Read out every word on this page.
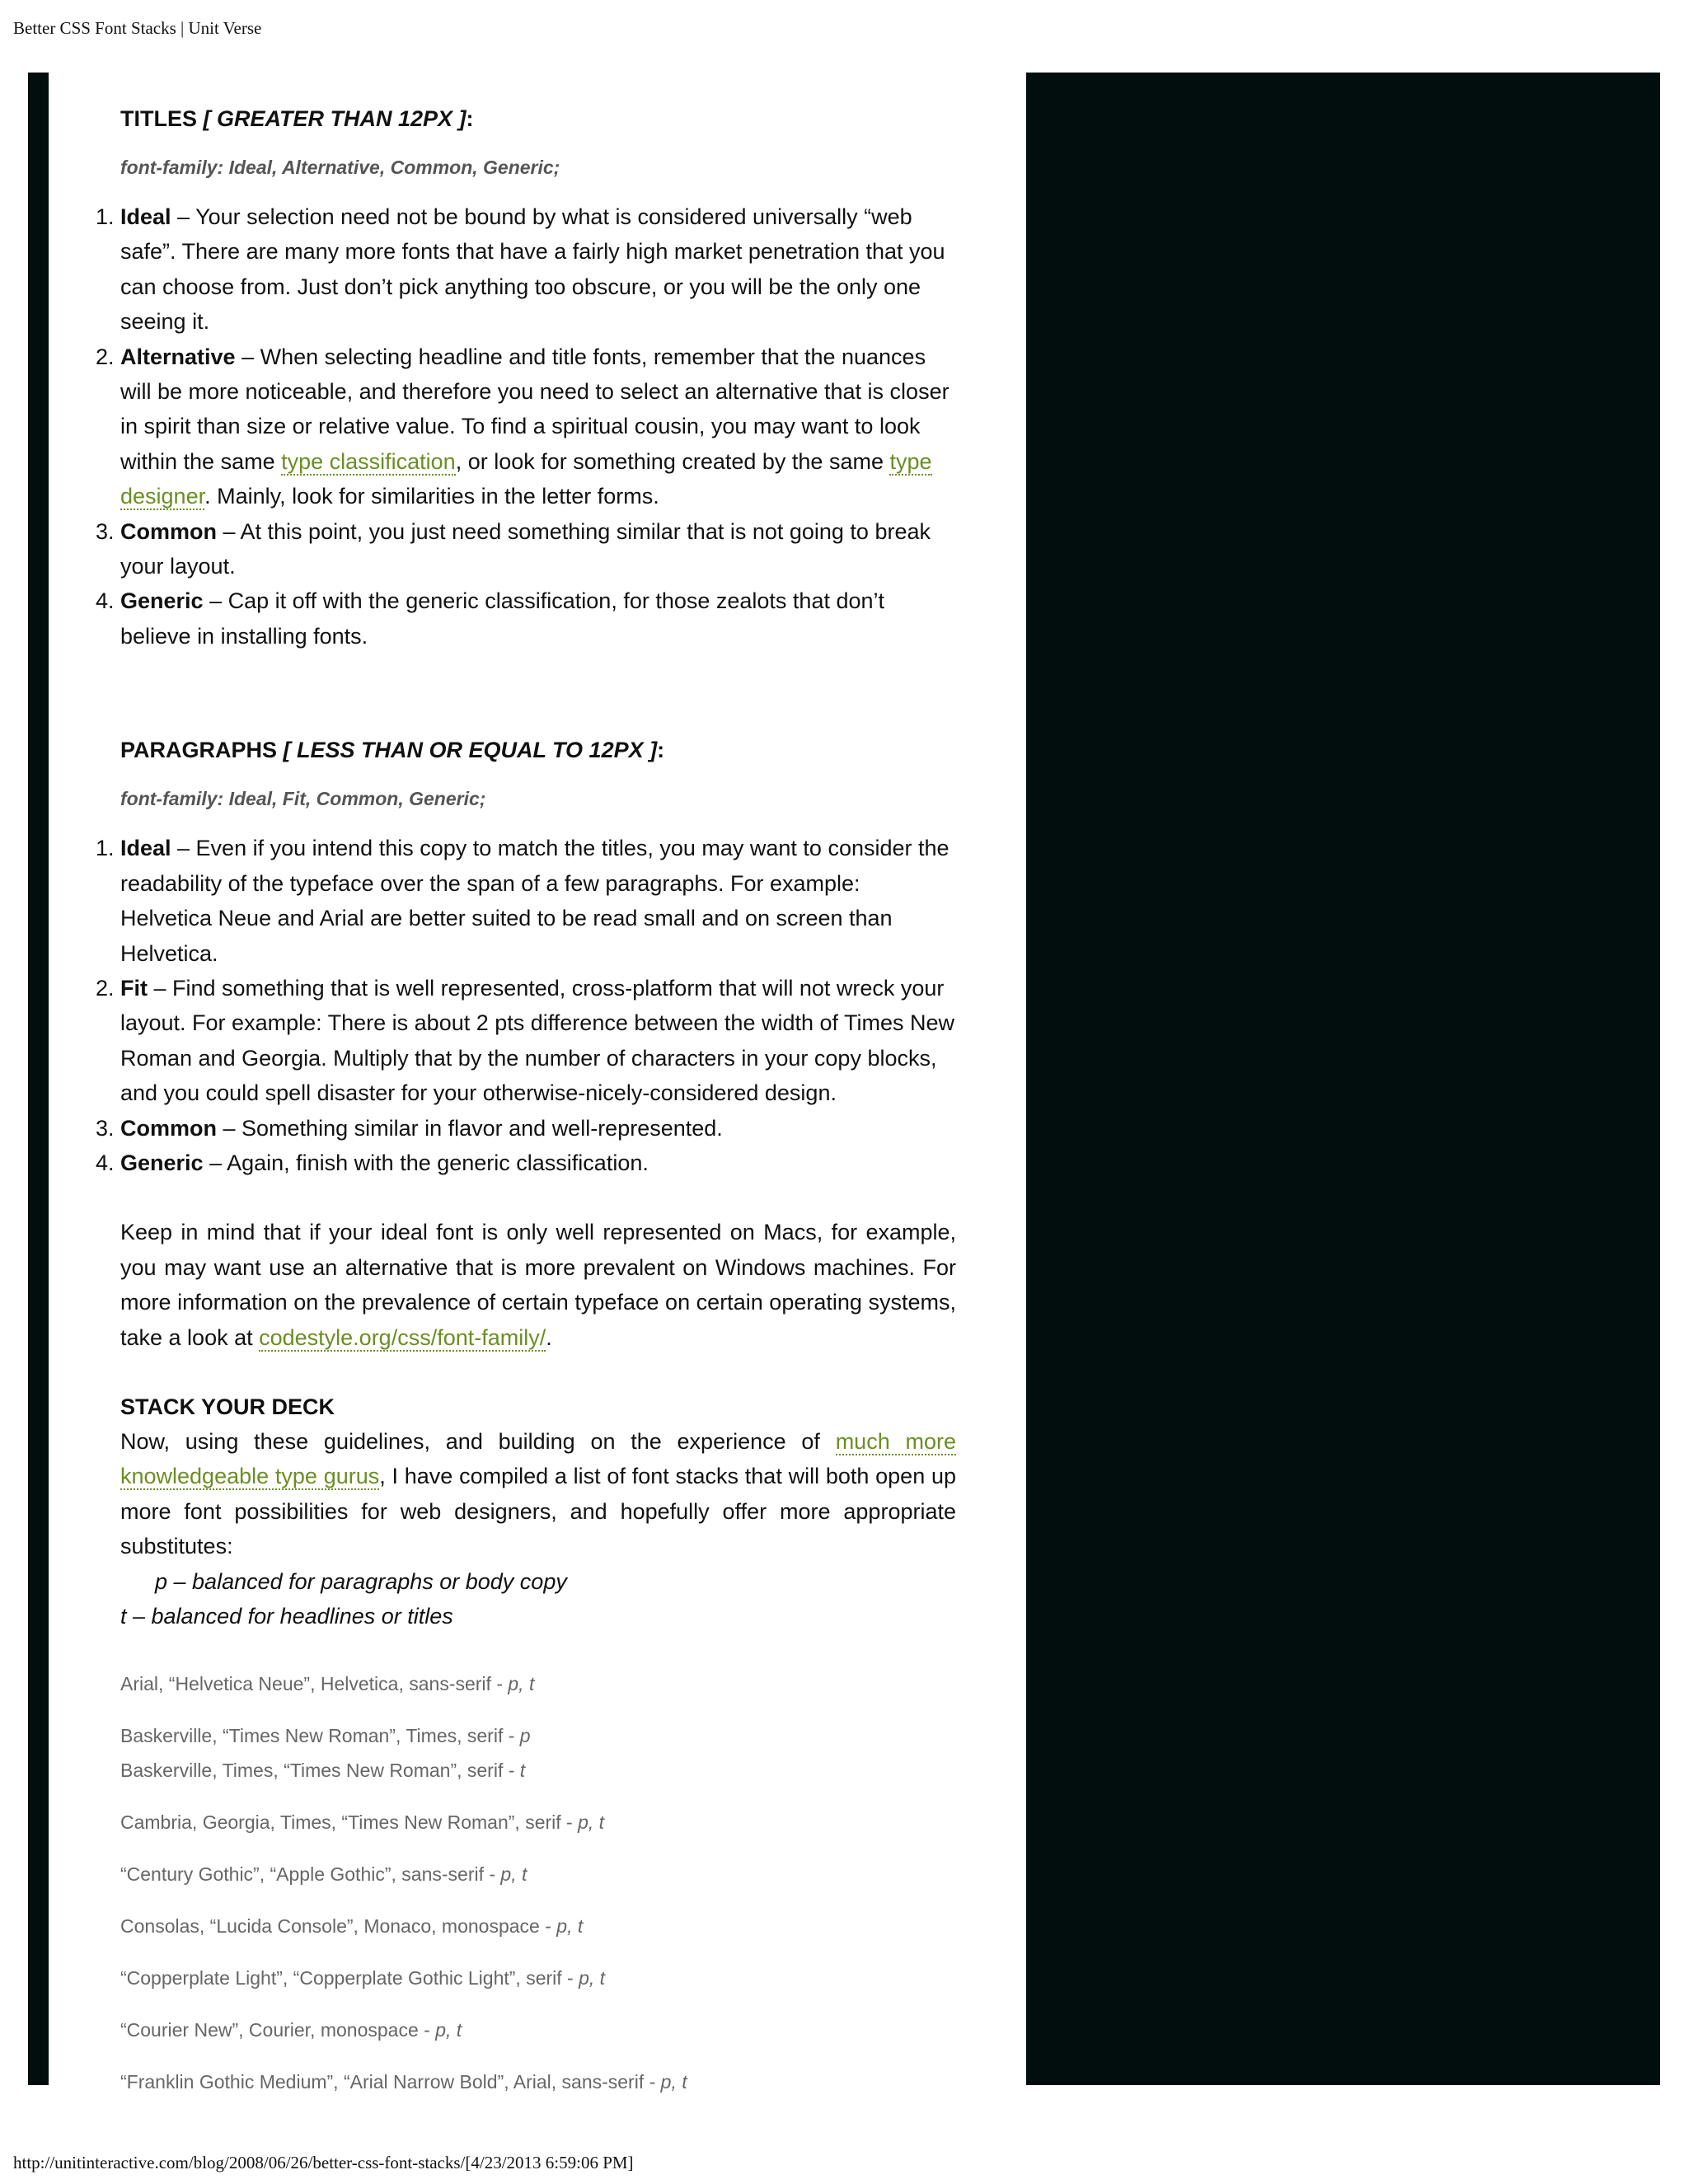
Better CSS Font Stacks | Unit Verse
TITLES [ GREATER THAN 12PX ]:
font-family: Ideal, Alternative, Common, Generic;
1. Ideal – Your selection need not be bound by what is considered universally “web safe”. There are many more fonts that have a fairly high market penetration that you can choose from. Just don’t pick anything too obscure, or you will be the only one seeing it.
2. Alternative – When selecting headline and title fonts, remember that the nuances will be more noticeable, and therefore you need to select an alternative that is closer in spirit than size or relative value. To find a spiritual cousin, you may want to look within the same type classification, or look for something created by the same type designer. Mainly, look for similarities in the letter forms.
3. Common – At this point, you just need something similar that is not going to break your layout.
4. Generic – Cap it off with the generic classification, for those zealots that don’t believe in installing fonts.
PARAGRAPHS [ LESS THAN OR EQUAL TO 12PX ]:
font-family: Ideal, Fit, Common, Generic;
1. Ideal – Even if you intend this copy to match the titles, you may want to consider the readability of the typeface over the span of a few paragraphs. For example: Helvetica Neue and Arial are better suited to be read small and on screen than Helvetica.
2. Fit – Find something that is well represented, cross-platform that will not wreck your layout. For example: There is about 2 pts difference between the width of Times New Roman and Georgia. Multiply that by the number of characters in your copy blocks, and you could spell disaster for your otherwise-nicely-considered design.
3. Common – Something similar in flavor and well-represented.
4. Generic – Again, finish with the generic classification.

Keep in mind that if your ideal font is only well represented on Macs, for example, you may want use an alternative that is more prevalent on Windows machines. For more information on the prevalence of certain typeface on certain operating systems, take a look at codestyle.org/css/font-family/.

STACK YOUR DECK

Now, using these guidelines, and building on the experience of much more knowledgeable type gurus, I have compiled a list of font stacks that will both open up more font possibilities for web designers, and hopefully offer more appropriate substitutes:

p – balanced for paragraphs or body copy
t – balanced for headlines or titles
Arial, “Helvetica Neue”, Helvetica, sans-serif - p, t
Baskerville, “Times New Roman”, Times, serif - p
Baskerville, Times, “Times New Roman”, serif - t
Cambria, Georgia, Times, “Times New Roman”, serif - p, t
“Century Gothic”, “Apple Gothic”, sans-serif - p, t
Consolas, “Lucida Console”, Monaco, monospace - p, t
“Copperplate Light”, “Copperplate Gothic Light”, serif - p, t
“Courier New”, Courier, monospace - p, t
“Franklin Gothic Medium”, “Arial Narrow Bold”, Arial, sans-serif - p, t
http://unitinteractive.com/blog/2008/06/26/better-css-font-stacks/[4/23/2013 6:59:06 PM]
